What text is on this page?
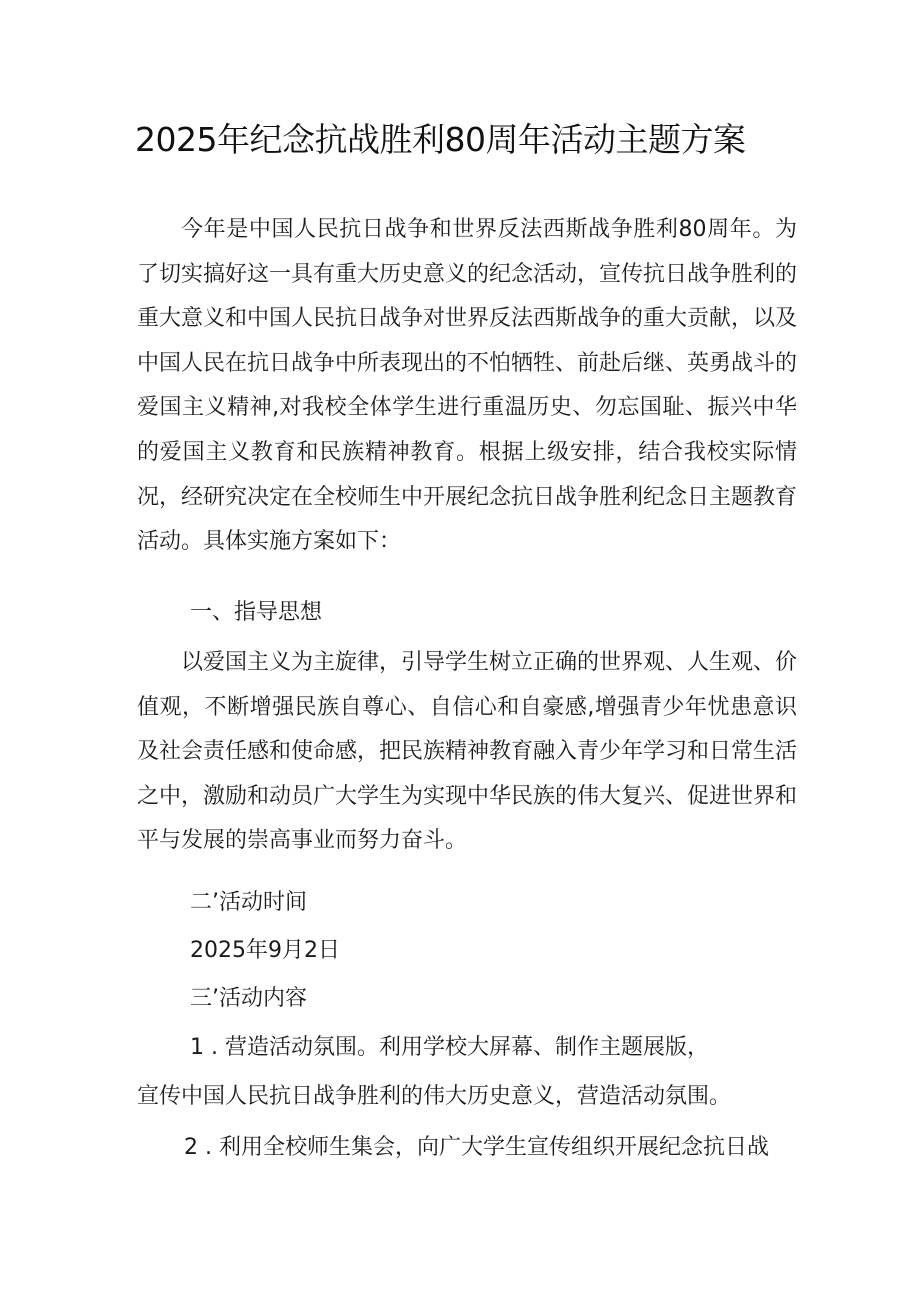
2025年纪念抗战胜利80周年活动主题方案

今年是中国人民抗日战争和世界反法西斯战争胜利80周年。为了切实搞好这一具有重大历史意义的纪念活动，宣传抗日战争胜利的重大意义和中国人民抗日战争对世界反法西斯战争的重大贡献，以及中国人民在抗日战争中所表现出的不怕牺牲、前赴后继、英勇战斗的爱国主义精神,对我校全体学生进行重温历史、勿忘国耻、振兴中华的爱国主义教育和民族精神教育。根据上级安排，结合我校实际情况，经研究决定在全校师生中开展纪念抗日战争胜利纪念日主题教育活动。具体实施方案如下：

一、指导思想

以爱国主义为主旋律，引导学生树立正确的世界观、人生观、价值观，不断增强民族自尊心、自信心和自豪感,增强青少年忧患意识及社会责任感和使命感，把民族精神教育融入青少年学习和日常生活之中，激励和动员广大学生为实现中华民族的伟大复兴、促进世界和平与发展的崇高事业而努力奋斗。

二’活动时间

2025年9月2日

三’活动内容

1 . 营造活动氛围。利用学校大屏幕、制作主题展版，

宣传中国人民抗日战争胜利的伟大历史意义，营造活动氛围。

2 . 利用全校师生集会，向广大学生宣传组织开展纪念抗日战
